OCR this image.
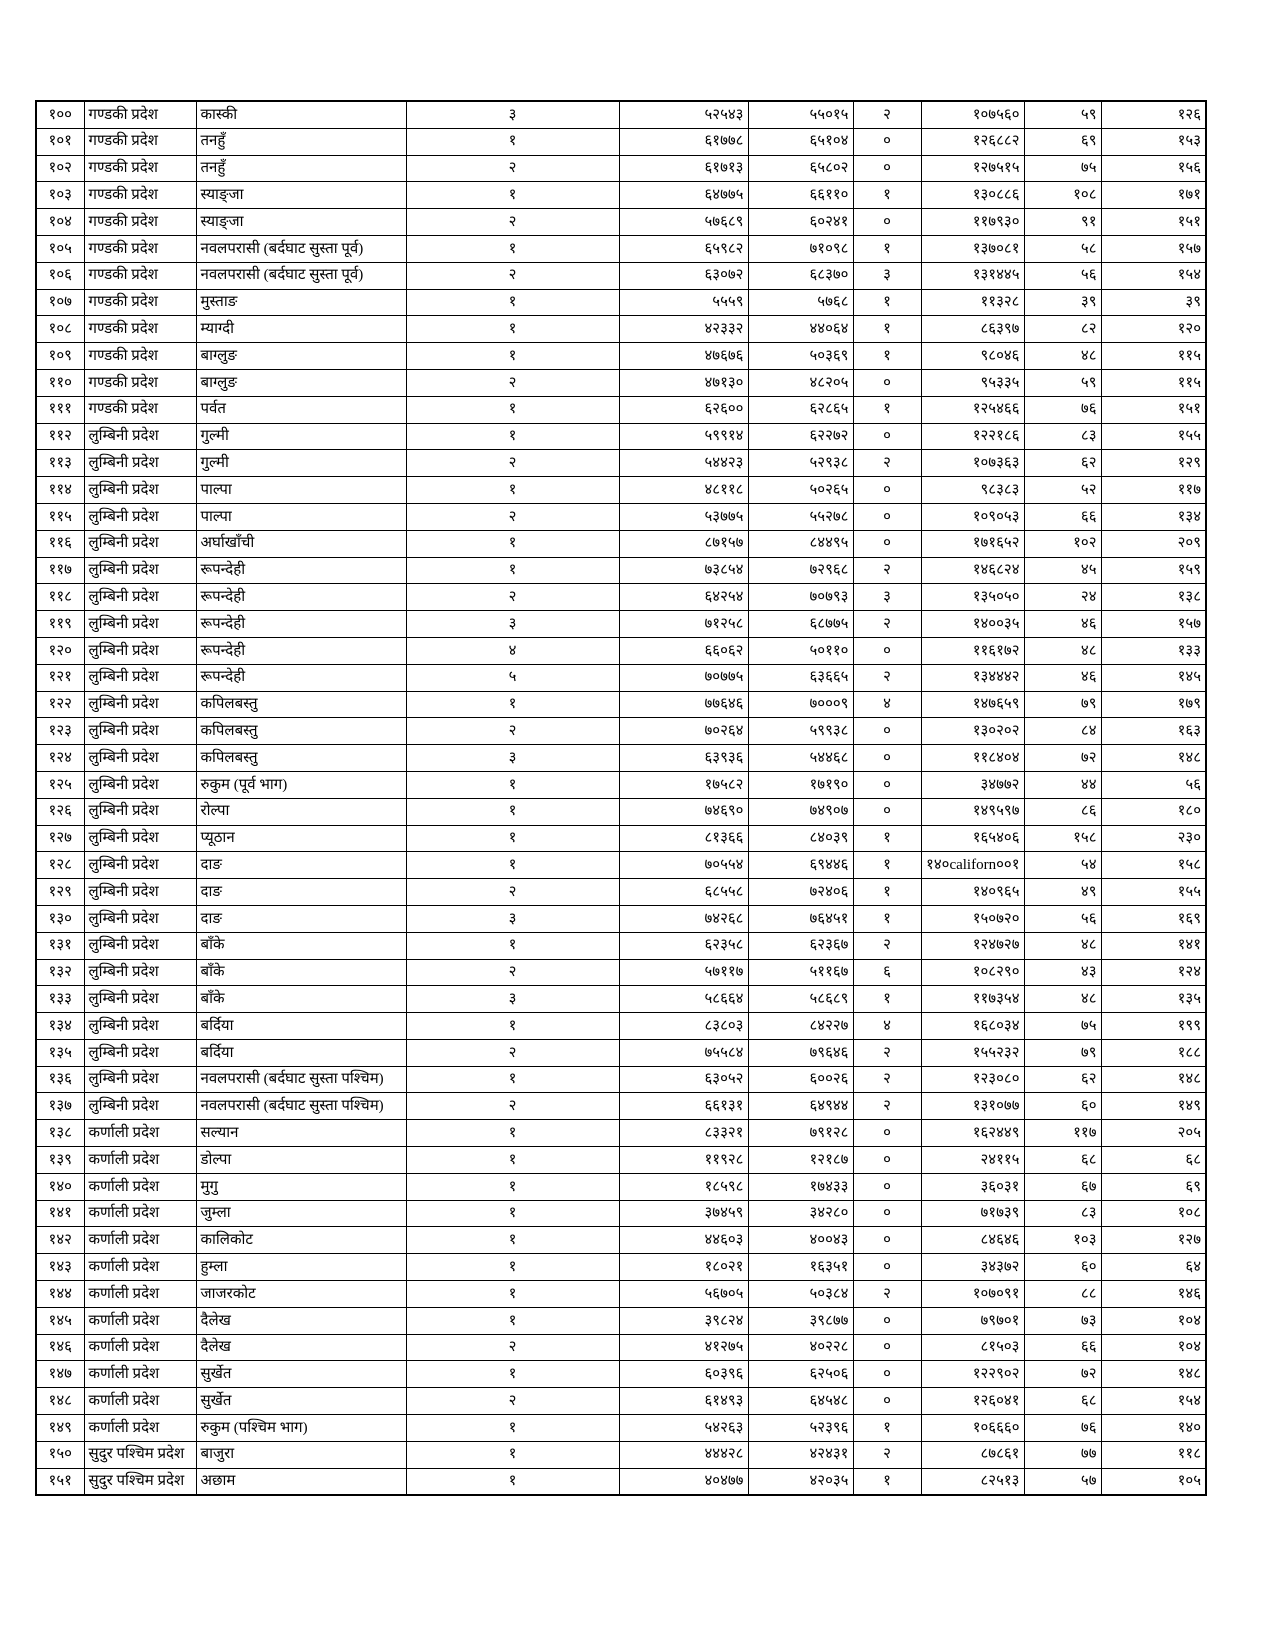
१००	गण्डकी प्रदेश	कास्की	३	५२५४३	५५०१५	२	१०७५६०	५९	१२६
१०१	गण्डकी प्रदेश	तनहुँ	१	६१७७८	६५१०४	०	१२६८८२	६९	१५३
१०२	गण्डकी प्रदेश	तनहुँ	२	६१७१३	६५८०२	०	१२७५१५	७५	१५६
१०३	गण्डकी प्रदेश	स्याङ्जा	१	६४७७५	६६११०	१	१३०८८६	१०८	१७१
१०४	गण्डकी प्रदेश	स्याङ्जा	२	५७६८९	६०२४१	०	११७९३०	९१	१५१
१०५	गण्डकी प्रदेश	नवलपरासी (बर्दघाट सुस्ता पूर्व)	१	६५९८२	७१०९८	१	१३७०८१	५८	१५७
१०६	गण्डकी प्रदेश	नवलपरासी (बर्दघाट सुस्ता पूर्व)	२	६३०७२	६८३७०	३	१३१४४५	५६	१५४
१०७	गण्डकी प्रदेश	मुस्ताङ	१	५५५९	५७६८	१	११३२८	३९	३९
१०८	गण्डकी प्रदेश	म्याग्दी	१	४२३३२	४४०६४	१	८६३९७	८२	१२०
१०९	गण्डकी प्रदेश	बाग्लुङ	१	४७६७६	५०३६९	१	९८०४६	४८	११५
११०	गण्डकी प्रदेश	बाग्लुङ	२	४७१३०	४८२०५	०	९५३३५	५९	११५
१११	गण्डकी प्रदेश	पर्वत	१	६२६००	६२८६५	१	१२५४६६	७६	१५१
११२	लुम्बिनी प्रदेश	गुल्मी	१	५९९१४	६२२७२	०	१२२१८६	८३	१५५
११३	लुम्बिनी प्रदेश	गुल्मी	२	५४४२३	५२९३८	२	१०७३६३	६२	१२९
११४	लुम्बिनी प्रदेश	पाल्पा	१	४८११८	५०२६५	०	९८३८३	५२	११७
११५	लुम्बिनी प्रदेश	पाल्पा	२	५३७७५	५५२७८	०	१०९०५३	६६	१३४
११६	लुम्बिनी प्रदेश	अर्घाखाँची	१	८७१५७	८४४९५	०	१७१६५२	१०२	२०९
११७	लुम्बिनी प्रदेश	रूपन्देही	१	७३८५४	७२९६८	२	१४६८२४	४५	१५९
११८	लुम्बिनी प्रदेश	रूपन्देही	२	६४२५४	७०७९३	३	१३५०५०	२४	१३८
११९	लुम्बिनी प्रदेश	रूपन्देही	३	७१२५८	६८७७५	२	१४००३५	४६	१५७
१२०	लुम्बिनी प्रदेश	रूपन्देही	४	६६०६२	५०११०	०	११६१७२	४८	१३३
१२१	लुम्बिनी प्रदेश	रूपन्देही	५	७०७७५	६३६६५	२	१३४४४२	४६	१४५
१२२	लुम्बिनी प्रदेश	कपिलबस्तु	१	७७६४६	७०००९	४	१४७६५९	७९	१७९
१२३	लुम्बिनी प्रदेश	कपिलबस्तु	२	७०२६४	५९९३८	०	१३०२०२	८४	१६३
१२४	लुम्बिनी प्रदेश	कपिलबस्तु	३	६३९३६	५४४६८	०	११८४०४	७२	१४८
१२५	लुम्बिनी प्रदेश	रुकुम (पूर्व भाग)	१	१७५८२	१७१९०	०	३४७७२	४४	५६
१२६	लुम्बिनी प्रदेश	रोल्पा	१	७४६९०	७४९०७	०	१४९५९७	८६	१८०
१२७	लुम्बिनी प्रदेश	प्यूठान	१	८१३६६	८४०३९	१	१६५४०६	१५८	२३०
१२८	लुम्बिनी प्रदेश	दाङ	१	७०५५४	६९४४६	१	१४०californ००१	५४	१५८
१२९	लुम्बिनी प्रदेश	दाङ	२	६८५५८	७२४०६	१	१४०९६५	४९	१५५
१३०	लुम्बिनी प्रदेश	दाङ	३	७४२६८	७६४५१	१	१५०७२०	५६	१६९
१३१	लुम्बिनी प्रदेश	बाँके	१	६२३५८	६२३६७	२	१२४७२७	४८	१४१
१३२	लुम्बिनी प्रदेश	बाँके	२	५७११७	५११६७	६	१०८२९०	४३	१२४
१३३	लुम्बिनी प्रदेश	बाँके	३	५८६६४	५८६८९	१	११७३५४	४८	१३५
१३४	लुम्बिनी प्रदेश	बर्दिया	१	८३८०३	८४२२७	४	१६८०३४	७५	१९९
१३५	लुम्बिनी प्रदेश	बर्दिया	२	७५५८४	७९६४६	२	१५५२३२	७९	१८८
१३६	लुम्बिनी प्रदेश	नवलपरासी (बर्दघाट सुस्ता पश्चिम)	१	६३०५२	६००२६	२	१२३०८०	६२	१४८
१३७	लुम्बिनी प्रदेश	नवलपरासी (बर्दघाट सुस्ता पश्चिम)	२	६६१३१	६४९४४	२	१३१०७७	६०	१४९
१३८	कर्णाली प्रदेश	सल्यान	१	८३३२१	७९१२८	०	१६२४४९	११७	२०५
१३९	कर्णाली प्रदेश	डोल्पा	१	११९२८	१२१८७	०	२४११५	६८	६८
१४०	कर्णाली प्रदेश	मुगु	१	१८५९८	१७४३३	०	३६०३१	६७	६९
१४१	कर्णाली प्रदेश	जुम्ला	१	३७४५९	३४२८०	०	७१७३९	८३	१०८
१४२	कर्णाली प्रदेश	कालिकोट	१	४४६०३	४००४३	०	८४६४६	१०३	१२७
१४३	कर्णाली प्रदेश	हुम्ला	१	१८०२१	१६३५१	०	३४३७२	६०	६४
१४४	कर्णाली प्रदेश	जाजरकोट	१	५६७०५	५०३८४	२	१०७०९१	८८	१४६
१४५	कर्णाली प्रदेश	दैलेख	१	३९८२४	३९८७७	०	७९७०१	७३	१०४
१४६	कर्णाली प्रदेश	दैलेख	२	४१२७५	४०२२८	०	८१५०३	६६	१०४
१४७	कर्णाली प्रदेश	सुर्खेत	१	६०३९६	६२५०६	०	१२२९०२	७२	१४८
१४८	कर्णाली प्रदेश	सुर्खेत	२	६१४९३	६४५४८	०	१२६०४१	६८	१५४
१४९	कर्णाली प्रदेश	रुकुम (पश्चिम भाग)	१	५४२६३	५२३९६	१	१०६६६०	७६	१४०
१५०	सुदुर पश्चिम प्रदेश	बाजुरा	१	४४४२८	४२४३१	२	८७८६१	७७	११८
१५१	सुदुर पश्चिम प्रदेश	अछाम	१	४०४७७	४२०३५	१	८२५१३	५७	१०५
